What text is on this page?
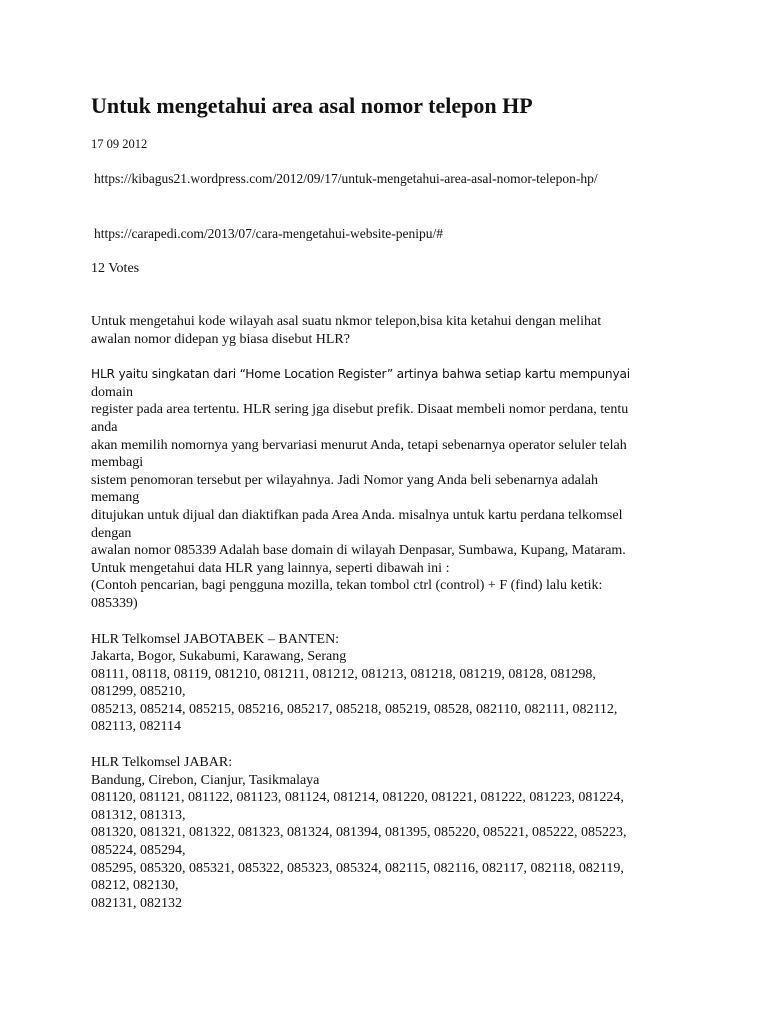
Untuk mengetahui area asal nomor telepon HP
17 09 2012
https://kibagus21.wordpress.com/2012/09/17/untuk-mengetahui-area-asal-nomor-telepon-hp/
https://carapedi.com/2013/07/cara-mengetahui-website-penipu/#
12 Votes
Untuk mengetahui kode wilayah asal suatu nkmor telepon,bisa kita ketahui dengan melihat
awalan nomor didepan yg biasa disebut HLR?
HLR yaitu singkatan dari “Home Location Register” artinya bahwa setiap kartu mempunyai
domain
register pada area tertentu. HLR sering jga disebut prefik. Disaat membeli nomor perdana, tentu
anda
akan memilih nomornya yang bervariasi menurut Anda, tetapi sebenarnya operator seluler telah
membagi
sistem penomoran tersebut per wilayahnya. Jadi Nomor yang Anda beli sebenarnya adalah
memang
ditujukan untuk dijual dan diaktifkan pada Area Anda. misalnya untuk kartu perdana telkomsel
dengan
awalan nomor 085339 Adalah base domain di wilayah Denpasar, Sumbawa, Kupang, Mataram.
Untuk mengetahui data HLR yang lainnya, seperti dibawah ini :
(Contoh pencarian, bagi pengguna mozilla, tekan tombol ctrl (control) + F (find) lalu ketik:
085339)
HLR Telkomsel JABOTABEK – BANTEN:
Jakarta, Bogor, Sukabumi, Karawang, Serang
08111, 08118, 08119, 081210, 081211, 081212, 081213, 081218, 081219, 08128, 081298,
081299, 085210,
085213, 085214, 085215, 085216, 085217, 085218, 085219, 08528, 082110, 082111, 082112,
082113, 082114
HLR Telkomsel JABAR:
Bandung, Cirebon, Cianjur, Tasikmalaya
081120, 081121, 081122, 081123, 081124, 081214, 081220, 081221, 081222, 081223, 081224,
081312, 081313,
081320, 081321, 081322, 081323, 081324, 081394, 081395, 085220, 085221, 085222, 085223,
085224, 085294,
085295, 085320, 085321, 085322, 085323, 085324, 082115, 082116, 082117, 082118, 082119,
08212, 082130,
082131, 082132
